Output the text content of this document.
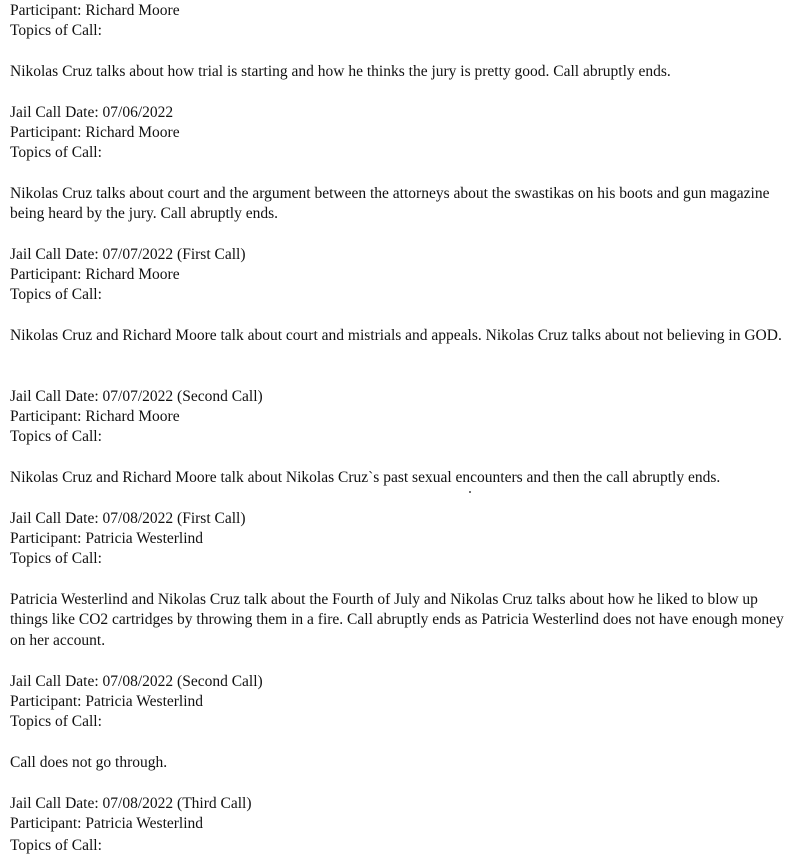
Participant: Richard Moore
Topics of Call:
Nikolas Cruz talks about how trial is starting and how he thinks the jury is pretty good. Call abruptly ends.
Jail Call Date: 07/06/2022
Participant: Richard Moore
Topics of Call:
Nikolas Cruz talks about court and the argument between the attorneys about the swastikas on his boots and gun magazine being heard by the jury. Call abruptly ends.
Jail Call Date: 07/07/2022 (First Call)
Participant: Richard Moore
Topics of Call:
Nikolas Cruz and Richard Moore talk about court and mistrials and appeals. Nikolas Cruz talks about not believing in GOD.
Jail Call Date: 07/07/2022 (Second Call)
Participant: Richard Moore
Topics of Call:
Nikolas Cruz and Richard Moore talk about Nikolas Cruz`s past sexual encounters and then the call abruptly ends.
Jail Call Date: 07/08/2022 (First Call)
Participant: Patricia Westerlind
Topics of Call:
Patricia Westerlind and Nikolas Cruz talk about the Fourth of July and Nikolas Cruz talks about how he liked to blow up things like CO2 cartridges by throwing them in a fire. Call abruptly ends as Patricia Westerlind does not have enough money on her account.
Jail Call Date: 07/08/2022 (Second Call)
Participant: Patricia Westerlind
Topics of Call:
Call does not go through.
Jail Call Date: 07/08/2022 (Third Call)
Participant: Patricia Westerlind
Topics of Call:
